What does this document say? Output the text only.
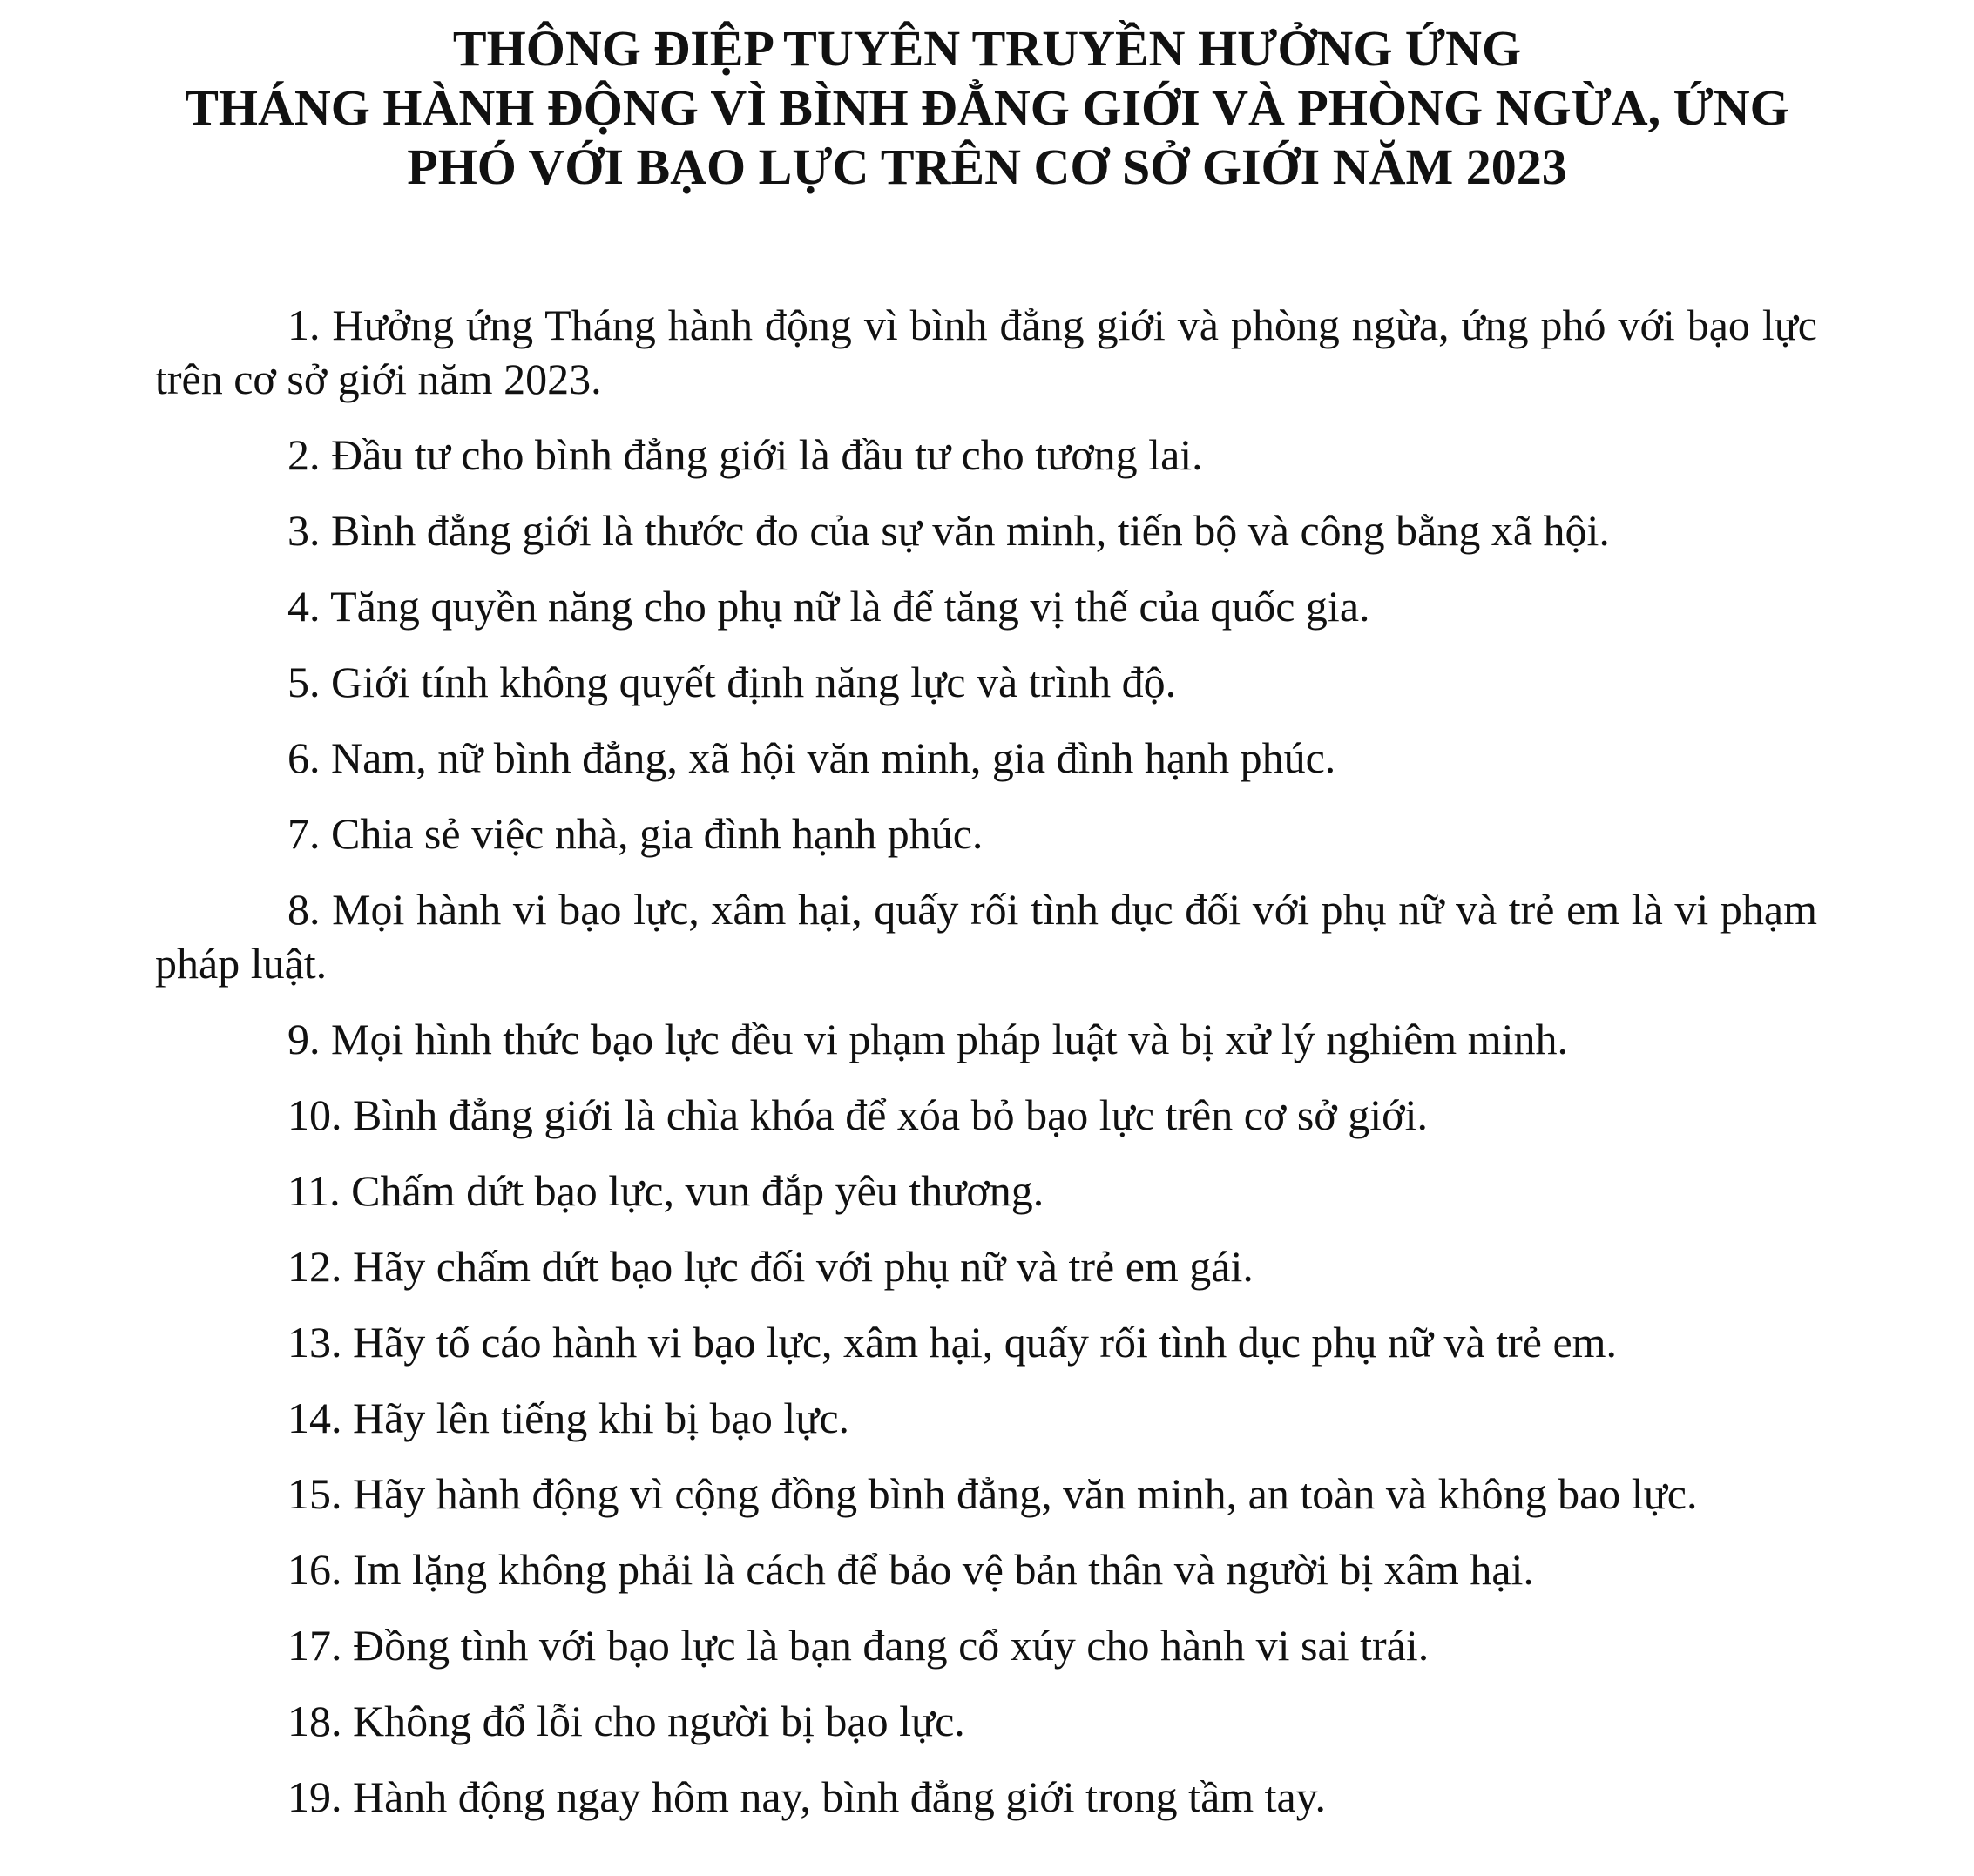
THÔNG ĐIỆP TUYÊN TRUYỀN HƯỞNG ỨNG
THÁNG HÀNH ĐỘNG VÌ BÌNH ĐẲNG GIỚI VÀ PHÒNG NGỪA, ỨNG
PHÓ VỚI BẠO LỰC TRÊN CƠ SỞ GIỚI NĂM 2023

1. Hưởng ứng Tháng hành động vì bình đẳng giới và phòng ngừa, ứng phó với bạo lực trên cơ sở giới năm 2023.

2. Đầu tư cho bình đẳng giới là đầu tư cho tương lai.

3. Bình đẳng giới là thước đo của sự văn minh, tiến bộ và công bằng xã hội.

4. Tăng quyền năng cho phụ nữ là để tăng vị thế của quốc gia.

5. Giới tính không quyết định năng lực và trình độ.

6. Nam, nữ bình đẳng, xã hội văn minh, gia đình hạnh phúc.

7. Chia sẻ việc nhà, gia đình hạnh phúc.

8. Mọi hành vi bạo lực, xâm hại, quấy rối tình dục đối với phụ nữ và trẻ em là vi phạm pháp luật.

9. Mọi hình thức bạo lực đều vi phạm pháp luật và bị xử lý nghiêm minh.

10. Bình đẳng giới là chìa khóa để xóa bỏ bạo lực trên cơ sở giới.

11. Chấm dứt bạo lực, vun đắp yêu thương.

12. Hãy chấm dứt bạo lực đối với phụ nữ và trẻ em gái.

13. Hãy tố cáo hành vi bạo lực, xâm hại, quấy rối tình dục phụ nữ và trẻ em.

14. Hãy lên tiếng khi bị bạo lực.

15. Hãy hành động vì cộng đồng bình đẳng, văn minh, an toàn và không bao lực.

16. Im lặng không phải là cách để bảo vệ bản thân và người bị xâm hại.

17. Đồng tình với bạo lực là bạn đang cổ xúy cho hành vi sai trái.

18. Không đổ lỗi cho người bị bạo lực.

19. Hành động ngay hôm nay, bình đẳng giới trong tầm tay.
